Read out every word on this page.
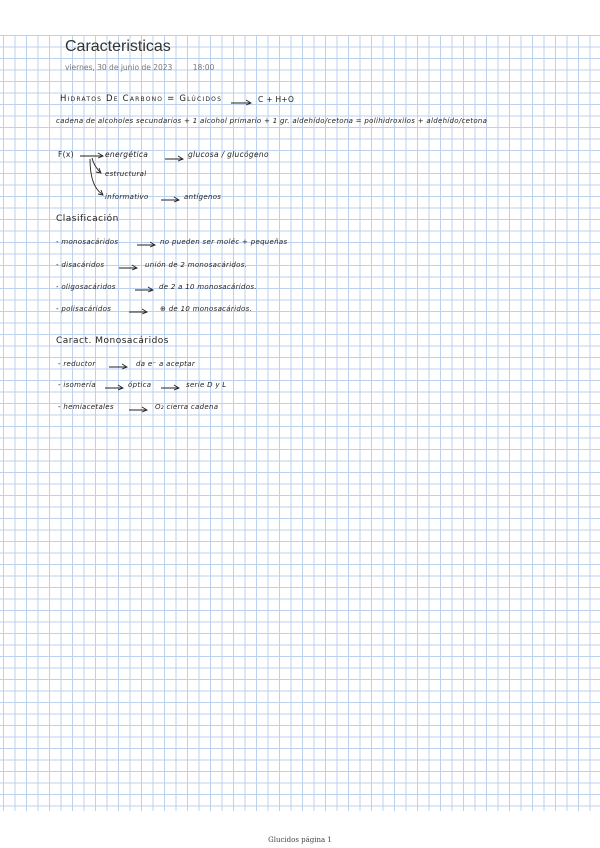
Caracteristicas
viernes, 30 de junio de 2023	18:00
Hidratos De Carbono = Glúcidos	C + H+O
cadena de alcoholes secundarios + 1 alcohol primario + 1 gr. aldehído/cetona = polihidroxilos + aldehído/cetona
F(x)	energética	glucosa / glucógeno
estructural
informativo	antígenos
Clasificación
- monosacáridos	no pueden ser moléc + pequeñas
- disacáridos	unión de 2 monosacáridos.
- oligosacáridos	de 2 a 10 monosacáridos.
- polisacáridos	⊕ de 10 monosacáridos.
Caract. Monosacáridos
- reductor	da e⁻ a aceptar
- isomería	óptica	serie D y L
- hemiacetales	O₂ cierra cadena
Glucidos página 1
